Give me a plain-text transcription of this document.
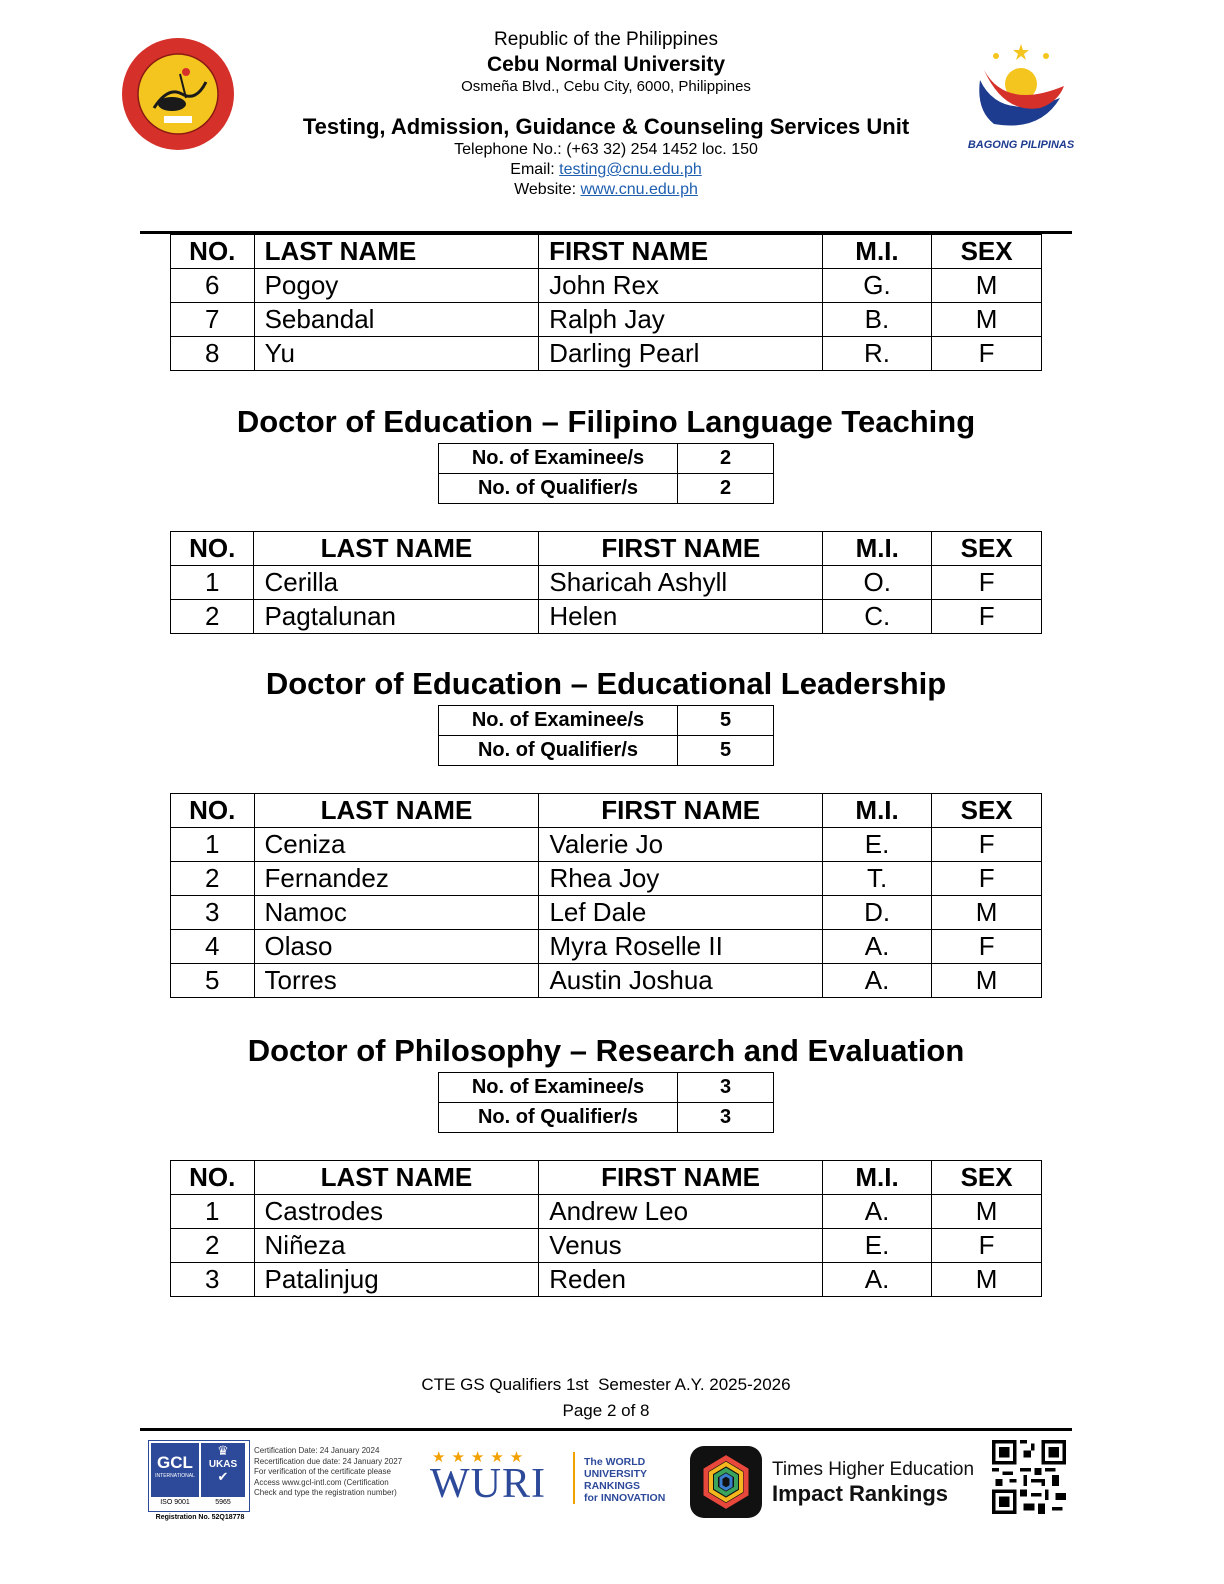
Republic of the Philippines
Cebu Normal University
Osmeña Blvd., Cebu City, 6000, Philippines
Testing, Admission, Guidance & Counseling Services Unit
Telephone No.: (+63 32) 254 1452 loc. 150
Email: testing@cnu.edu.ph
Website: www.cnu.edu.ph
BAGONG PILIPINAS
NO.	LAST NAME	FIRST NAME	M.I.	SEX
6	Pogoy	John Rex	G.	M
7	Sebandal	Ralph Jay	B.	M
8	Yu	Darling Pearl	R.	F
Doctor of Education – Filipino Language Teaching
No. of Examinee/s	2
No. of Qualifier/s	2
NO.	LAST NAME	FIRST NAME	M.I.	SEX
1	Cerilla	Sharicah Ashyll	O.	F
2	Pagtalunan	Helen	C.	F
Doctor of Education – Educational Leadership
No. of Examinee/s	5
No. of Qualifier/s	5
NO.	LAST NAME	FIRST NAME	M.I.	SEX
1	Ceniza	Valerie Jo	E.	F
2	Fernandez	Rhea Joy	T.	F
3	Namoc	Lef Dale	D.	M
4	Olaso	Myra Roselle II	A.	F
5	Torres	Austin Joshua	A.	M
Doctor of Philosophy – Research and Evaluation
No. of Examinee/s	3
No. of Qualifier/s	3
NO.	LAST NAME	FIRST NAME	M.I.	SEX
1	Castrodes	Andrew Leo	A.	M
2	Niñeza	Venus	E.	F
3	Patalinjug	Reden	A.	M
CTE GS Qualifiers 1st  Semester A.Y. 2025-2026
Page 2 of 8
GCL
INTERNATIONAL
♛
UKAS
✔
ISO 9001	5965
Registration No. 52Q18778
Certification Date: 24 January 2024
Recertification due date: 24 January 2027
For verification of the certificate please
Access www.gcl-intl.com (Certification
Check and type the registration number)
★★★★★
WURI	The WORLD
UNIVERSITY
RANKINGS
for INNOVATION
Times Higher Education
Impact Rankings
